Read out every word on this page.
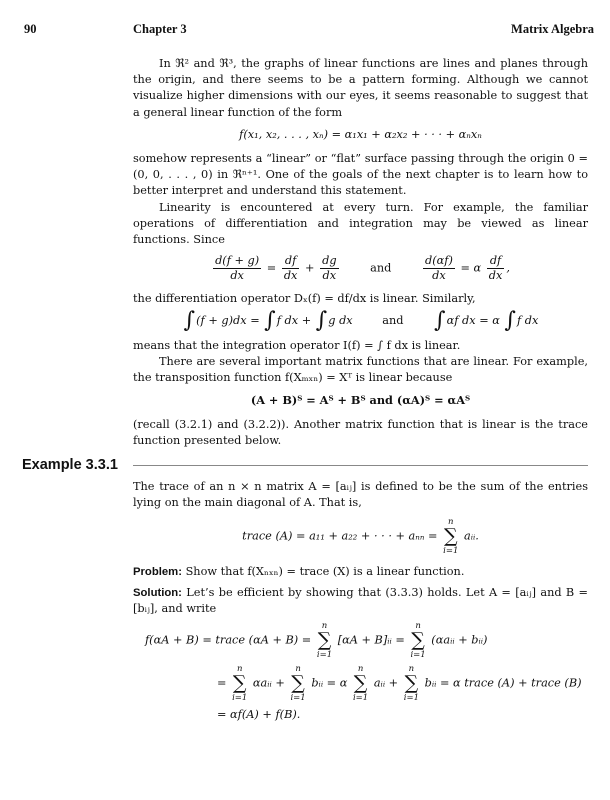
90	Chapter 3	Matrix Algebra

In ℜ² and ℜ³, the graphs of linear functions are lines and planes through the origin, and there seems to be a pattern forming. Although we cannot visualize higher dimensions with our eyes, it seems reasonable to suggest that a general linear function of the form

f(x₁, x₂, . . . , xₙ) = α₁x₁ + α₂x₂ + · · · + αₙxₙ

somehow represents a “linear” or “flat” surface passing through the origin 0 = (0, 0, . . . , 0) in ℜⁿ⁺¹. One of the goals of the next chapter is to learn how to better interpret and understand this statement.

Linearity is encountered at every turn. For example, the familiar operations of differentiation and integration may be viewed as linear functions. Since

$\frac{d(f + g)}{dx} = \frac{df}{dx} + \frac{dg}{dx}$	and	$\frac{d(\alpha f)}{dx} = \alpha \frac{df}{dx}$ ,

the differentiation operator Dₓ(f) = df/dx is linear. Similarly,

∫(f + g)dx = ∫f dx + ∫g dx	and ∫αf dx = α ∫f dx

means that the integration operator I(f) = ∫ f dx is linear.

There are several important matrix functions that are linear. For example, the transposition function f(Xₘₓₙ) = Xᵀ is linear because

(A + B)ᵀ = Aᵀ + Bᵀ and (αA)ᵀ = αAᵀ

(recall (3.2.1) and (3.2.2)). Another matrix function that is linear is the trace function presented below.

Example 3.3.1

The trace of an n × n matrix A = [aᵢⱼ] is defined to be the sum of the entries lying on the main diagonal of A. That is,

trace (A) = a₁₁ + a₂₂ + · · · + aₙₙ =
n
∑
i=1
aᵢᵢ.

Problem: Show that f(Xₙₓₙ) = trace (X) is a linear function.

Solution: Let’s be efficient by showing that (3.3.3) holds. Let A = [aᵢⱼ] and B = [bᵢⱼ], and write

f(αA + B) = trace (αA + B) =
n
∑
i=1
[αA + B]ᵢᵢ =
n
∑
i=1
(αaᵢᵢ + bᵢᵢ)
=
n
∑
i=1
αaᵢᵢ +
n
∑
i=1
bᵢᵢ = α
n
∑
i=1
aᵢᵢ +
n
∑
i=1
bᵢᵢ = α trace (A) + trace (B)
= αf(A) + f(B).
